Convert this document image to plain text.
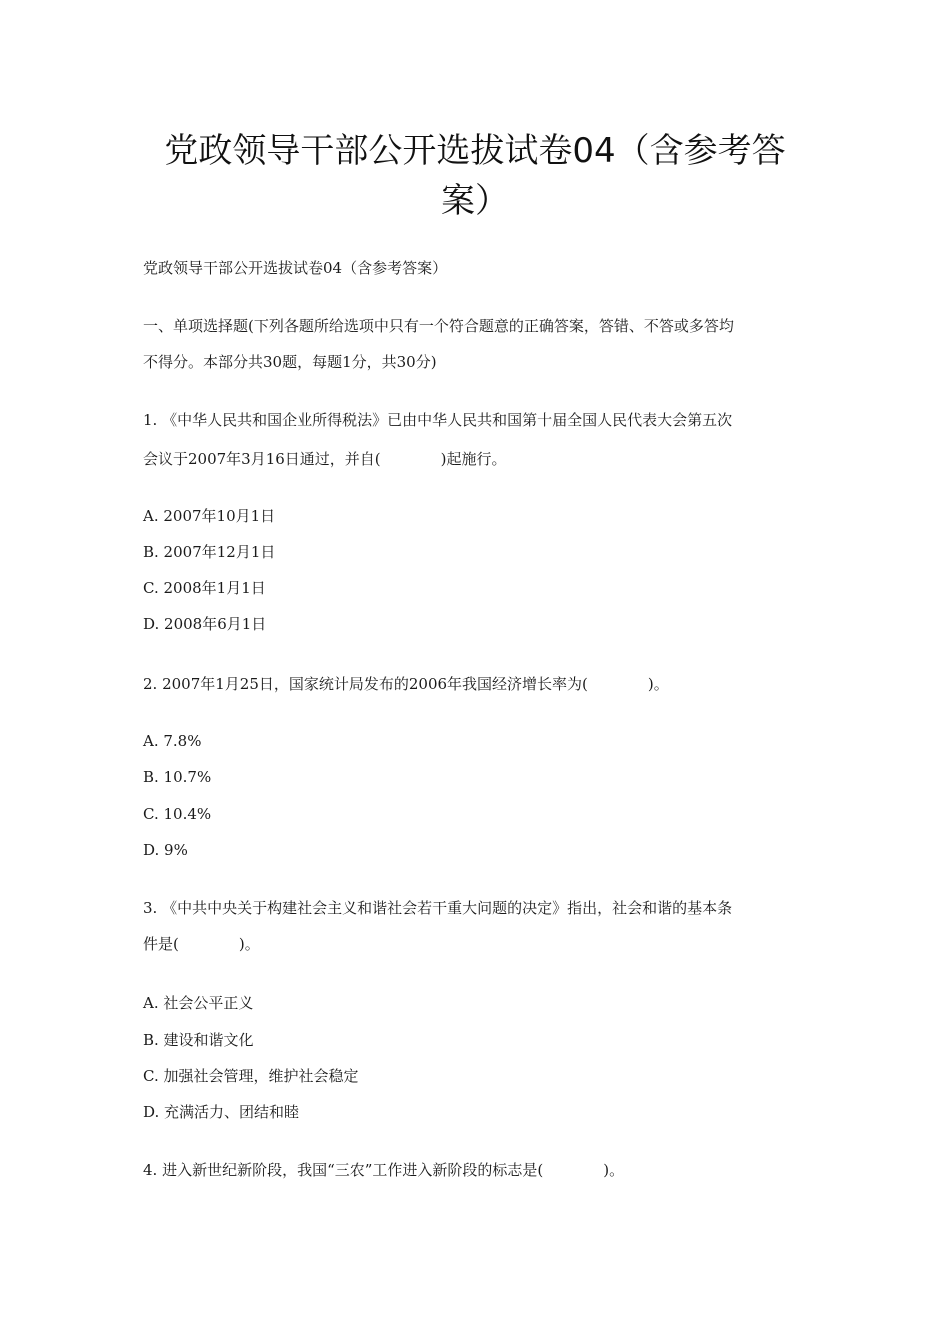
党政领导干部公开选拔试卷04（含参考答
案）
党政领导干部公开选拔试卷04（含参考答案）
一、单项选择题(下列各题所给选项中只有一个符合题意的正确答案，答错、不答或多答均
不得分。本部分共30题，每题1分，共30分)
1. 《中华人民共和国企业所得税法》已由中华人民共和国第十届全国人民代表大会第五次
会议于2007年3月16日通过，并自(　　　　)起施行。
A. 2007年10月1日
B. 2007年12月1日
C. 2008年1月1日
D. 2008年6月1日
2. 2007年1月25日，国家统计局发布的2006年我国经济增长率为(　　　　)。
A. 7.8%
B. 10.7%
C. 10.4%
D. 9%
3. 《中共中央关于构建社会主义和谐社会若干重大问题的决定》指出，社会和谐的基本条
件是(　　　　)。
A. 社会公平正义
B. 建设和谐文化
C. 加强社会管理，维护社会稳定
D. 充满活力、团结和睦
4. 进入新世纪新阶段，我国“三农”工作进入新阶段的标志是(　　　　)。
